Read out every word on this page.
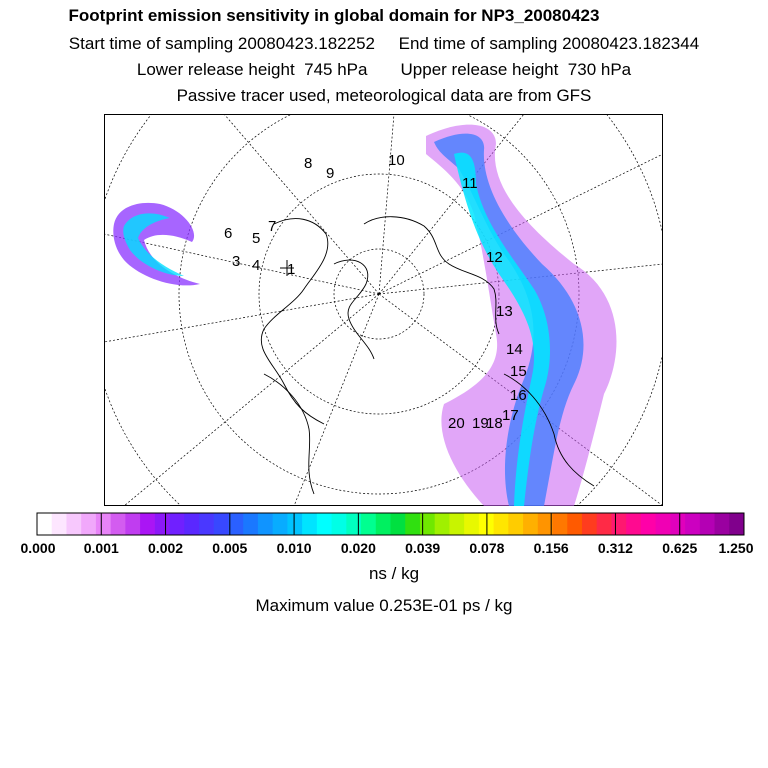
Footprint emission sensitivity in global domain for NP3_20080423
Start time of sampling 20080423.182252     End time of sampling 20080423.182344
Lower release height  745 hPa       Upper release height  730 hPa
Passive tracer used, meteorological data are from GFS
1
3 4
5
6 7
8
9
10
11
12
13
14
15
16
17
18
19
20
0.000 0.001 0.002 0.005 0.010 0.020 0.039 0.078 0.156 0.312 0.625 1.250
ns / kg
Maximum value 0.253E-01 ps / kg
